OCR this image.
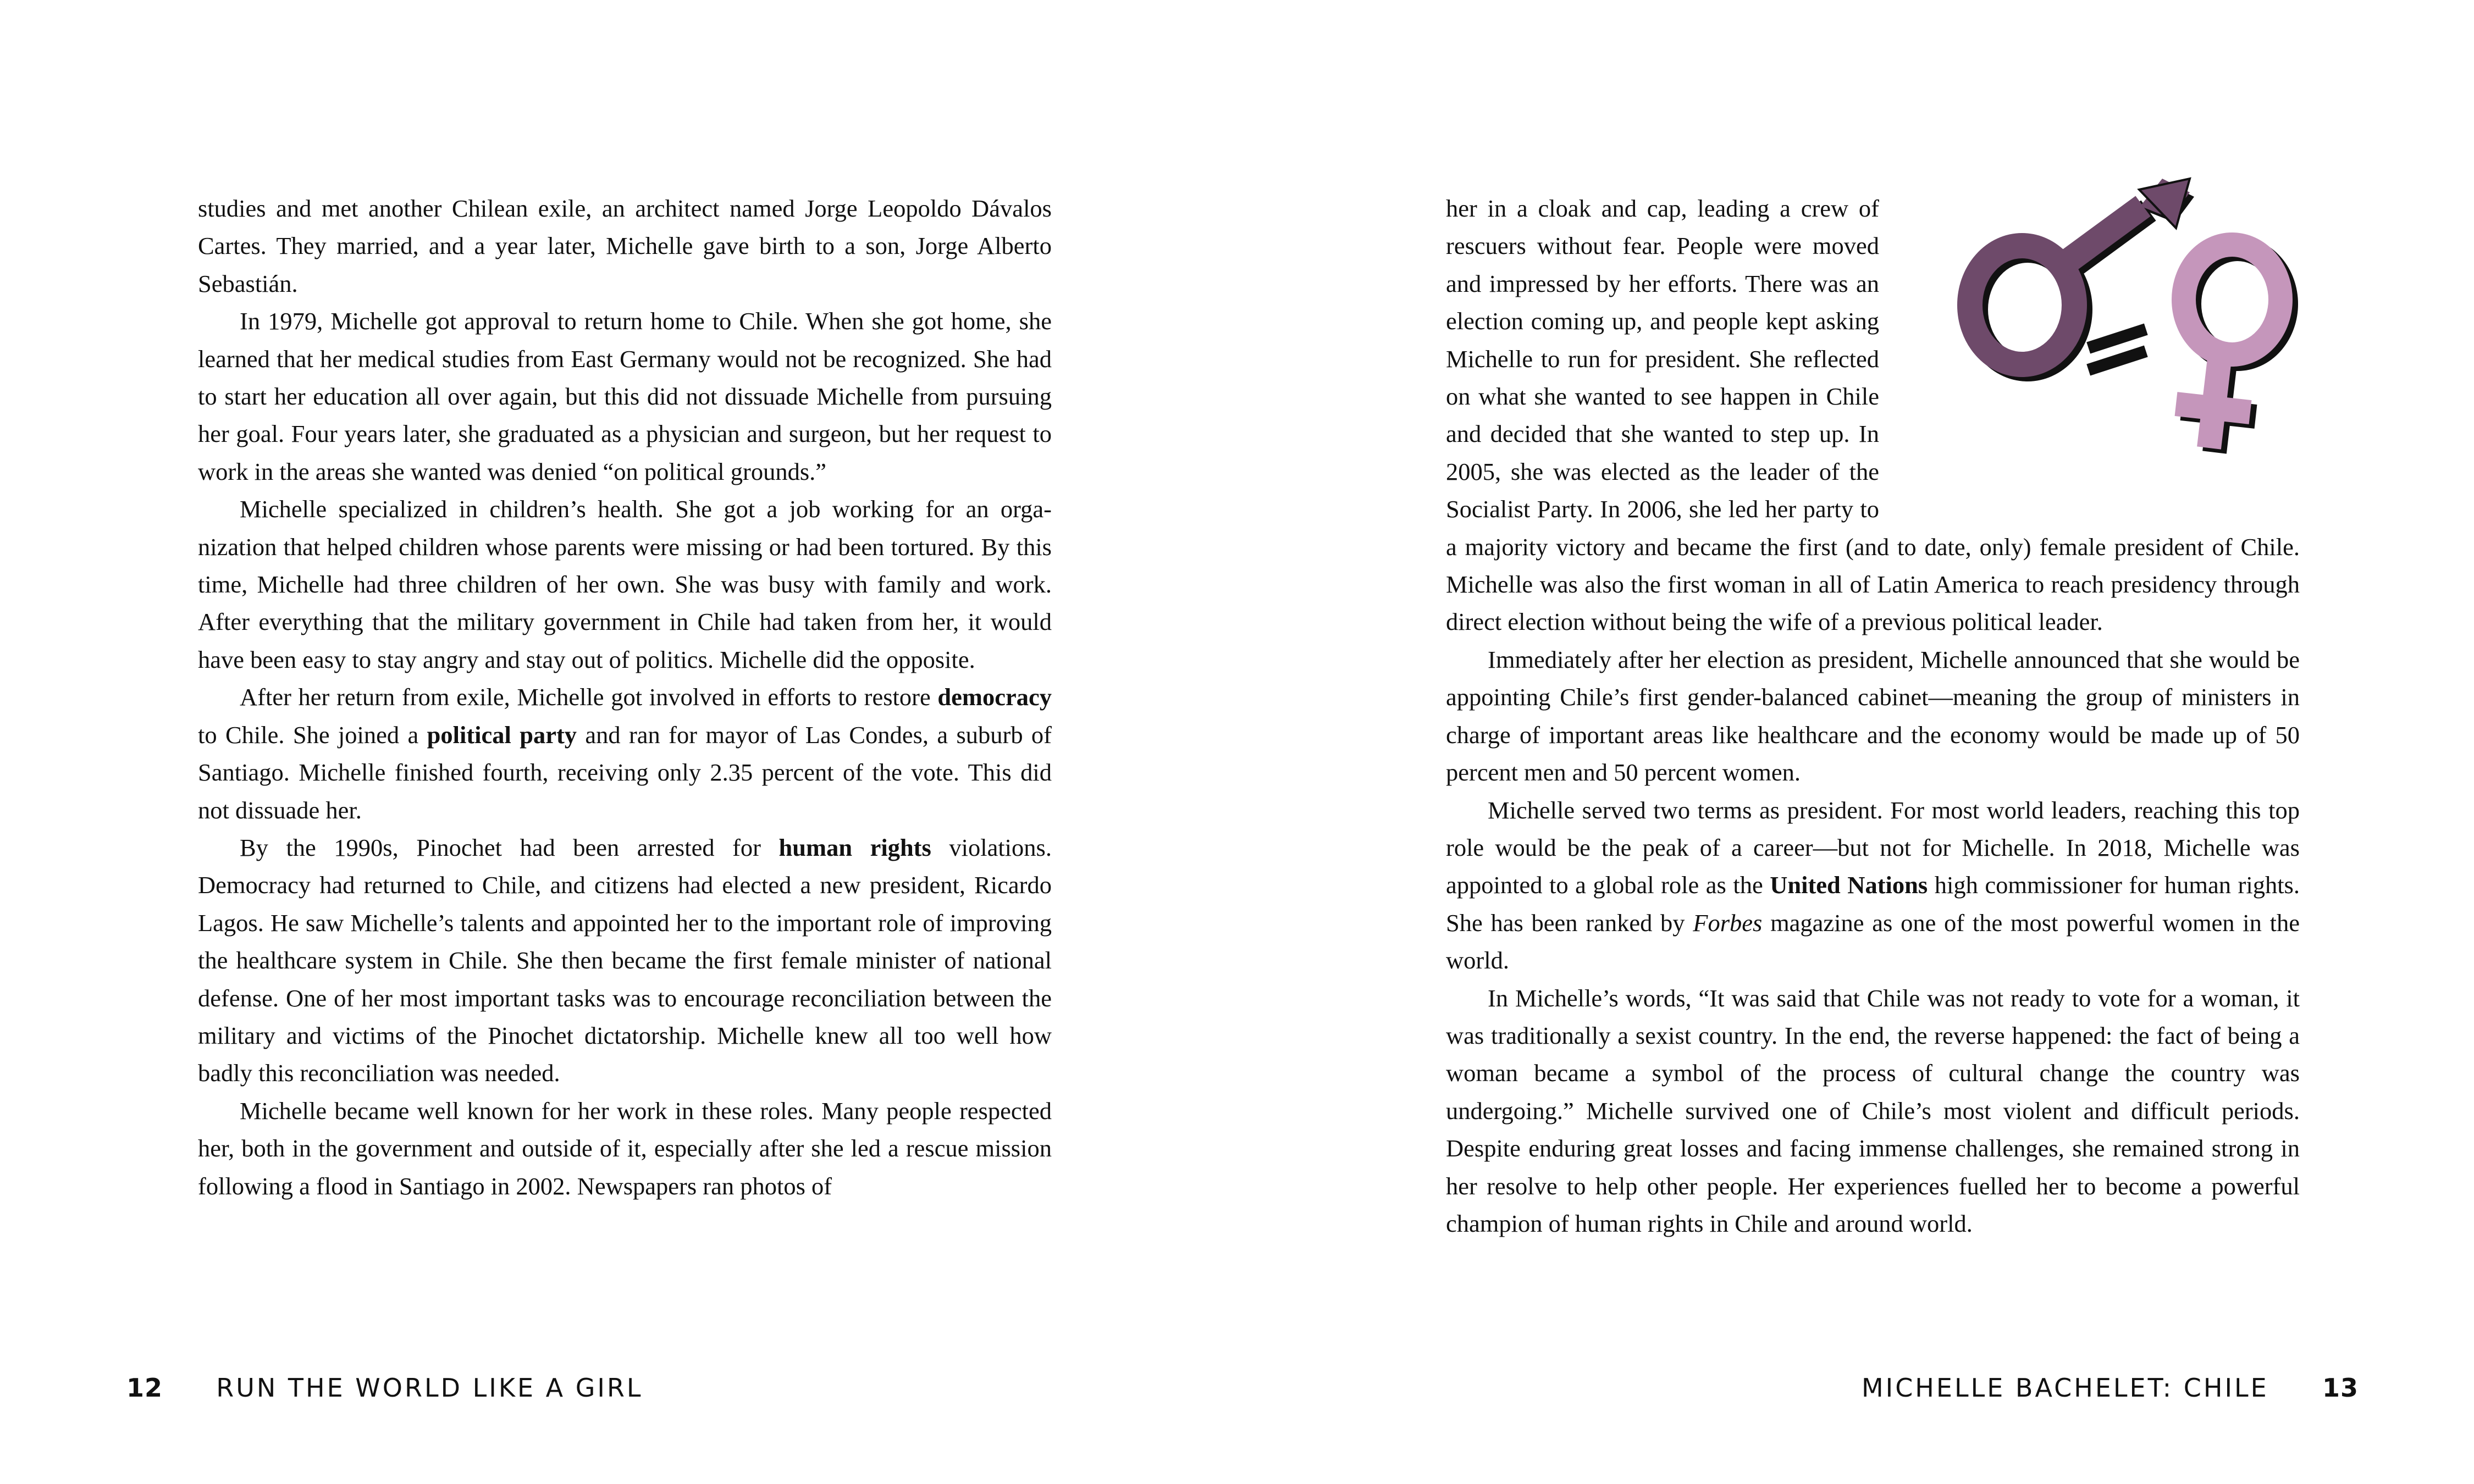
studies and met another Chilean exile, an architect named Jorge Leopoldo Dávalos Cartes. They married, and a year later, Michelle gave birth to a son, Jorge Alberto Sebastián.

In 1979, Michelle got approval to return home to Chile. When she got home, she learned that her medical studies from East Germany would not be recognized. She had to start her education all over again, but this did not dissuade Michelle from pursuing her goal. Four years later, she graduated as a physician and surgeon, but her request to work in the areas she wanted was denied “on political grounds.”

Michelle specialized in children’s health. She got a job working for an organization that helped children whose parents were missing or had been tortured. By this time, Michelle had three children of her own. She was busy with family and work. After everything that the military government in Chile had taken from her, it would have been easy to stay angry and stay out of politics. Michelle did the opposite.

After her return from exile, Michelle got involved in efforts to restore democracy to Chile. She joined a political party and ran for mayor of Las Condes, a suburb of Santiago. Michelle finished fourth, receiving only 2.35 percent of the vote. This did not dissuade her.

By the 1990s, Pinochet had been arrested for human rights violations. Democracy had returned to Chile, and citizens had elected a new president, Ricardo Lagos. He saw Michelle’s talents and appointed her to the important role of improving the healthcare system in Chile. She then became the first female minister of national defense. One of her most important tasks was to encourage reconciliation between the military and victims of the Pinochet dictatorship. Michelle knew all too well how badly this reconciliation was needed.

Michelle became well known for her work in these roles. Many people respected her, both in the government and outside of it, especially after she led a rescue mission following a flood in Santiago in 2002. Newspapers ran photos of

12 RUN THE WORLD LIKE A GIRL

her in a cloak and cap, leading a crew of rescuers without fear. People were moved and impressed by her efforts. There was an election coming up, and people kept asking Michelle to run for president. She reflected on what she wanted to see happen in Chile and decided that she wanted to step up. In 2005, she was elected as the leader of the Socialist Party. In 2006, she led her party to a majority victory and became the first (and to date, only) female president of Chile. Michelle was also the first woman in all of Latin America to reach presidency through direct election without being the wife of a previous political leader.

Immediately after her election as president, Michelle announced that she would be appointing Chile’s first gender-balanced cabinet—meaning the group of ministers in charge of important areas like healthcare and the economy would be made up of 50 percent men and 50 percent women.

Michelle served two terms as president. For most world leaders, reaching this top role would be the peak of a career—but not for Michelle. In 2018, Michelle was appointed to a global role as the United Nations high commissioner for human rights. She has been ranked by Forbes magazine as one of the most powerful women in the world.

In Michelle’s words, “It was said that Chile was not ready to vote for a woman, it was traditionally a sexist country. In the end, the reverse happened: the fact of being a woman became a symbol of the process of cultural change the country was undergoing.” Michelle survived one of Chile’s most violent and difficult periods. Despite enduring great losses and facing immense challenges, she remained strong in her resolve to help other people. Her experiences fuelled her to become a powerful champion of human rights in Chile and around world.

MICHELLE BACHELET: CHILE 13
